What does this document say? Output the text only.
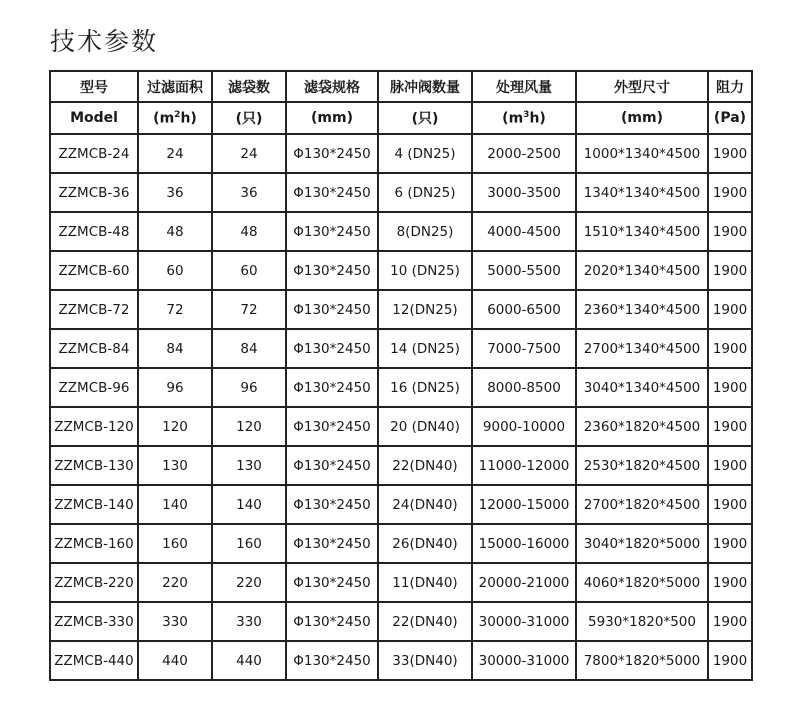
技术参数
型号	过滤面积	滤袋数	滤袋规格	脉冲阀数量	处理风量	外型尺寸	阻力
Model	$(m^2h)$	(只)	(mm)	(只)	$(m^3h)$	(mm)	(Pa)
ZZMCB-24	24	24	Φ130*2450	4 (DN25)	2000-2500	1000*1340*4500	1900
ZZMCB-36	36	36	Φ130*2450	6 (DN25)	3000-3500	1340*1340*4500	1900
ZZMCB-48	48	48	Φ130*2450	8(DN25)	4000-4500	1510*1340*4500	1900
ZZMCB-60	60	60	Φ130*2450	10 (DN25)	5000-5500	2020*1340*4500	1900
ZZMCB-72	72	72	Φ130*2450	12(DN25)	6000-6500	2360*1340*4500	1900
ZZMCB-84	84	84	Φ130*2450	14 (DN25)	7000-7500	2700*1340*4500	1900
ZZMCB-96	96	96	Φ130*2450	16 (DN25)	8000-8500	3040*1340*4500	1900
ZZMCB-120	120	120	Φ130*2450	20 (DN40)	9000-10000	2360*1820*4500	1900
ZZMCB-130	130	130	Φ130*2450	22(DN40)	11000-12000	2530*1820*4500	1900
ZZMCB-140	140	140	Φ130*2450	24(DN40)	12000-15000	2700*1820*4500	1900
ZZMCB-160	160	160	Φ130*2450	26(DN40)	15000-16000	3040*1820*5000	1900
ZZMCB-220	220	220	Φ130*2450	11(DN40)	20000-21000	4060*1820*5000	1900
ZZMCB-330	330	330	Φ130*2450	22(DN40)	30000-31000	5930*1820*500	1900
ZZMCB-440	440	440	Φ130*2450	33(DN40)	30000-31000	7800*1820*5000	1900
